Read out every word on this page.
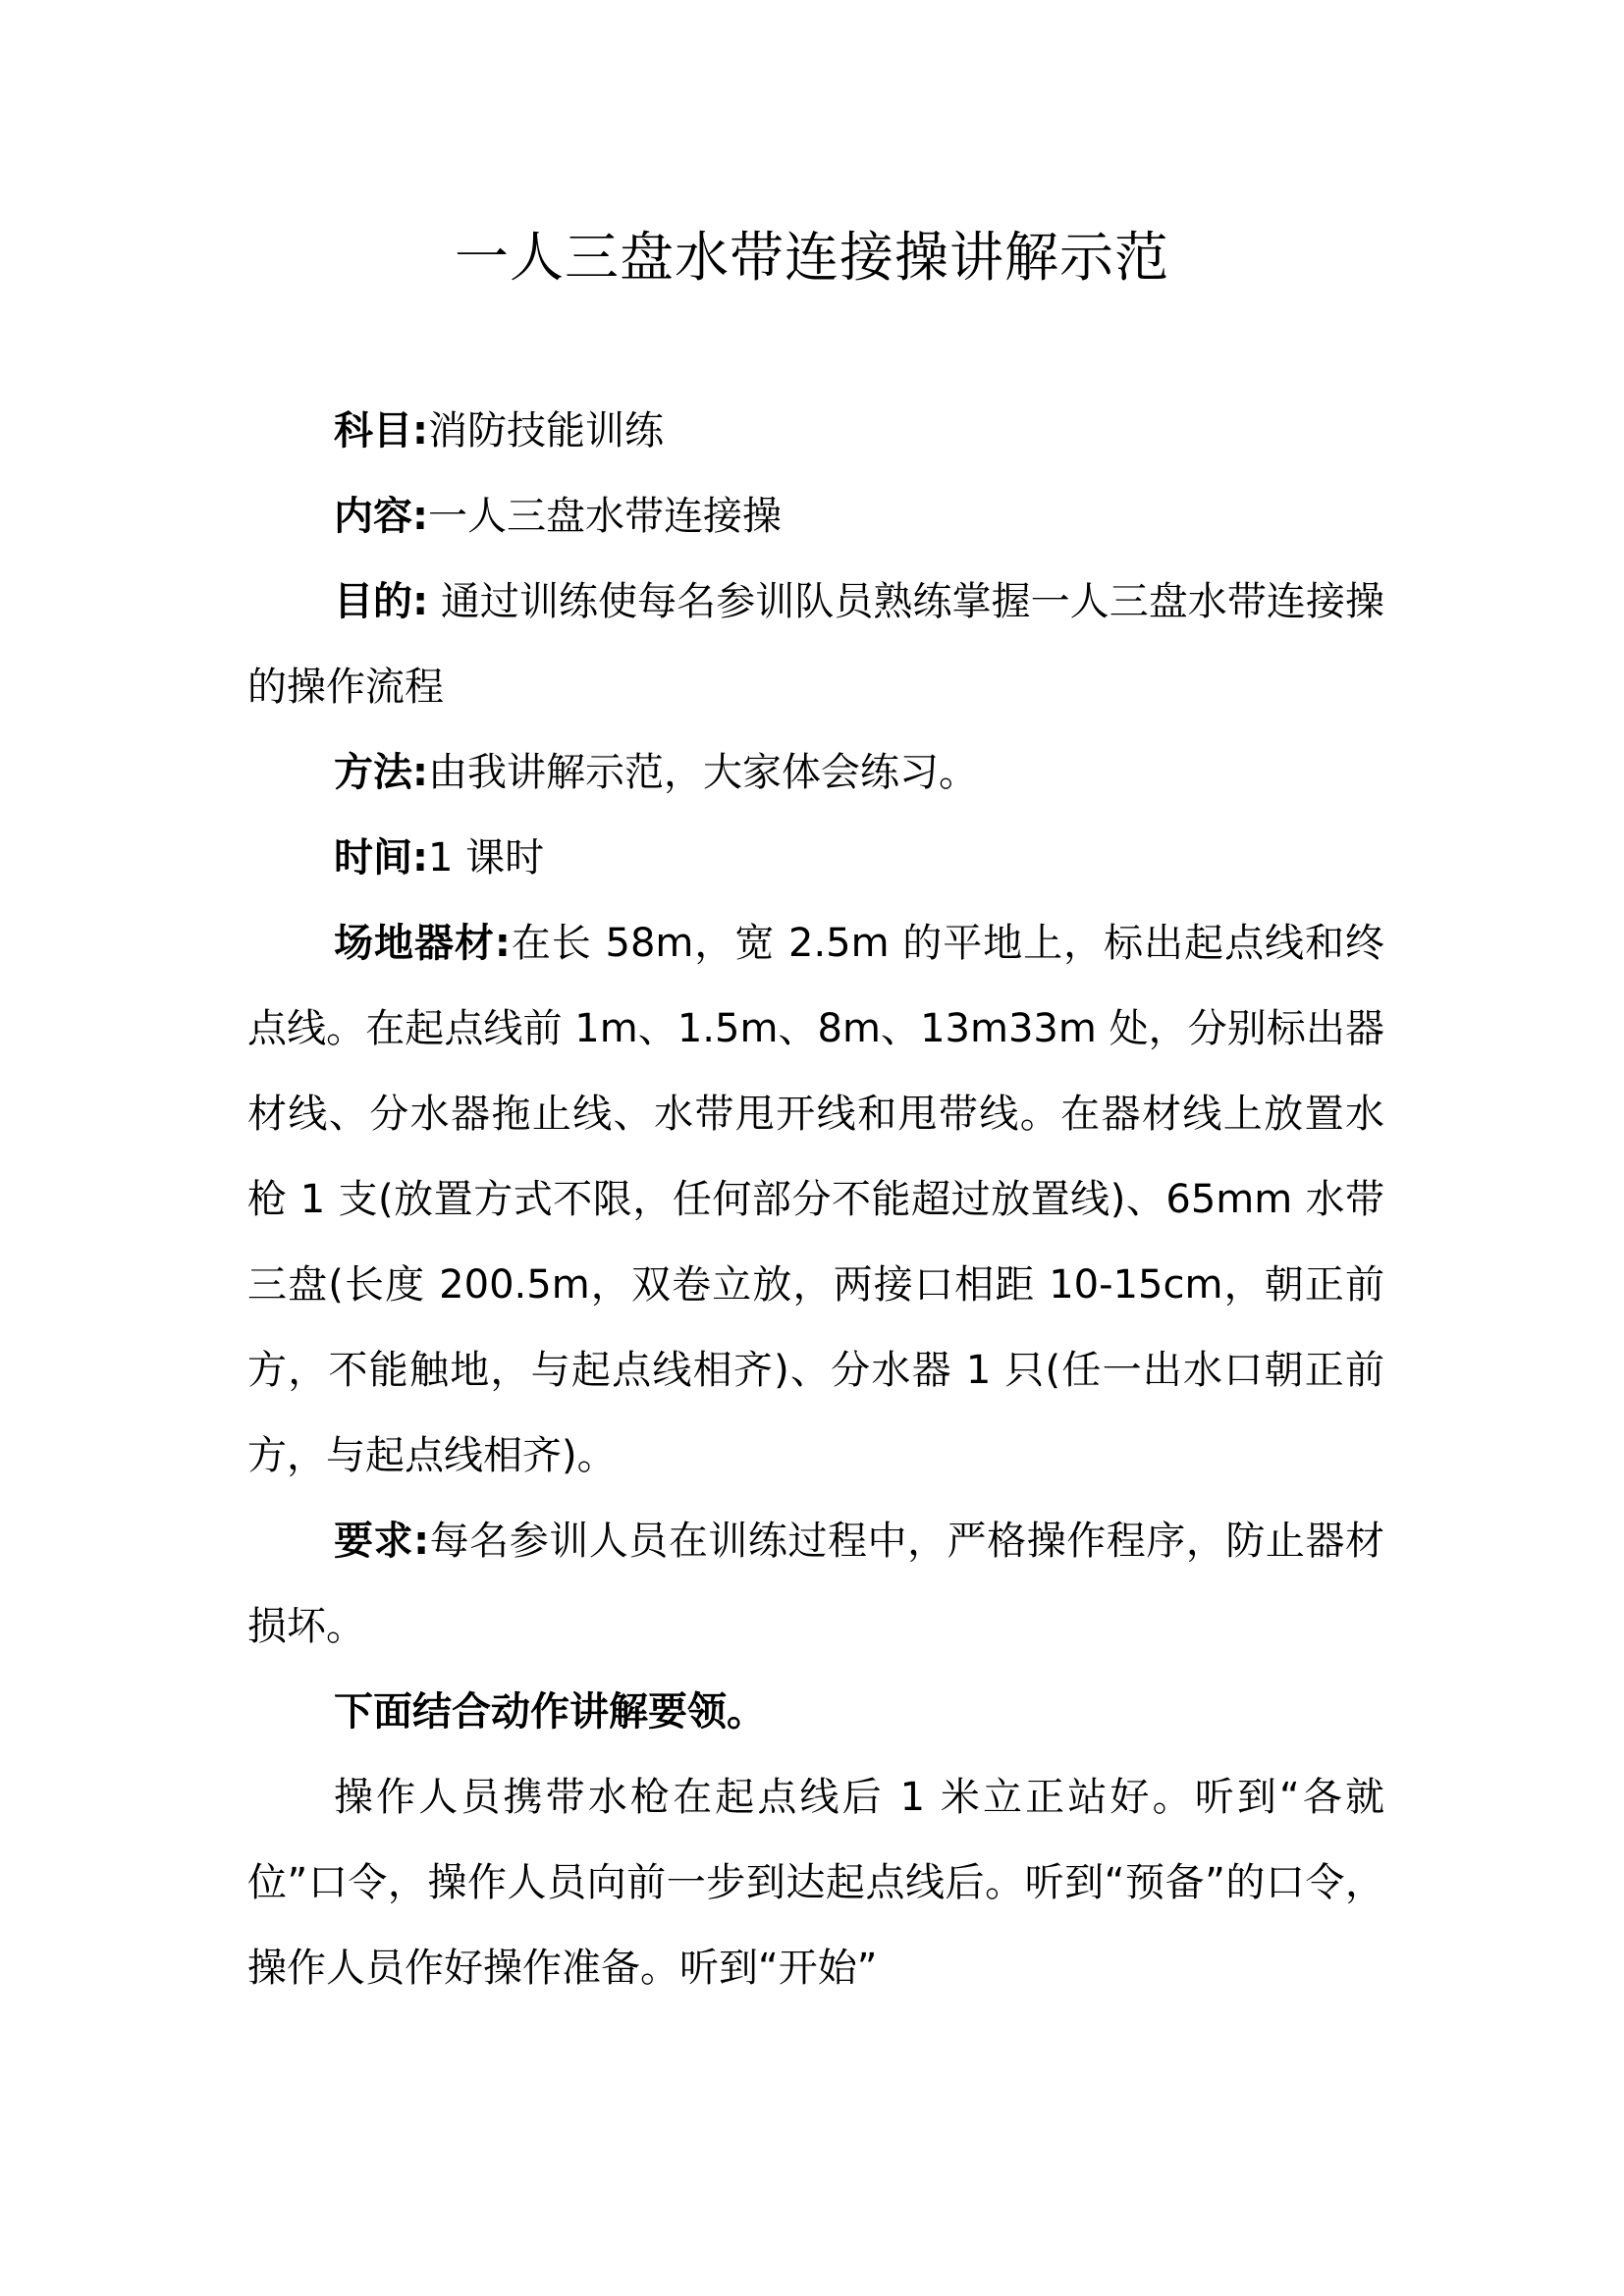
一人三盘水带连接操讲解示范

科目:消防技能训练

内容:一人三盘水带连接操

目的: 通过训练使每名参训队员熟练掌握一人三盘水带连接操的操作流程

方法:由我讲解示范，大家体会练习。

时间:1 课时

场地器材:在长 58m，宽 2.5m 的平地上，标出起点线和终点线。在起点线前 1m、1.5m、8m、13m33m 处，分别标出器材线、分水器拖止线、水带甩开线和甩带线。在器材线上放置水枪 1 支(放置方式不限，任何部分不能超过放置线)、65mm 水带三盘(长度 200.5m，双卷立放，两接口相距 10-15cm，朝正前方，不能触地，与起点线相齐)、分水器 1 只(任一出水口朝正前方，与起点线相齐)。

要求:每名参训人员在训练过程中，严格操作程序，防止器材损坏。

下面结合动作讲解要领。

操作人员携带水枪在起点线后 1 米立正站好。听到“各就位”口令，操作人员向前一步到达起点线后。听到“预备”的口令，操作人员作好操作准备。听到“开始”
